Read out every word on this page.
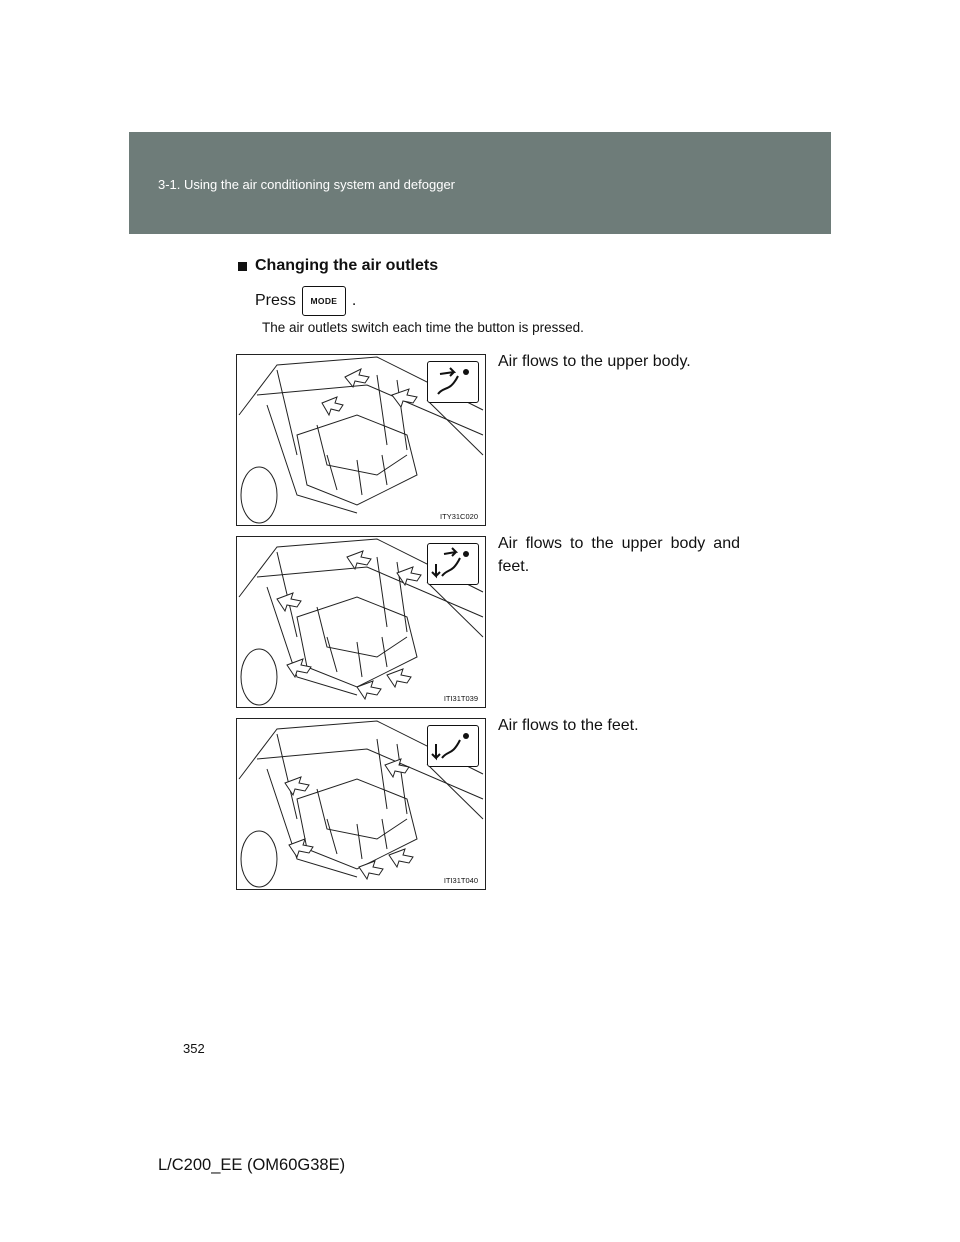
3-1. Using the air conditioning system and defogger
Changing the air outlets
Press	MODE .
The air outlets switch each time the button is pressed.
ITY31C020
Air flows to the upper body.
ITI31T039
Air flows to the upper body and feet.
ITI31T040
Air flows to the feet.
352
L/C200_EE (OM60G38E)
